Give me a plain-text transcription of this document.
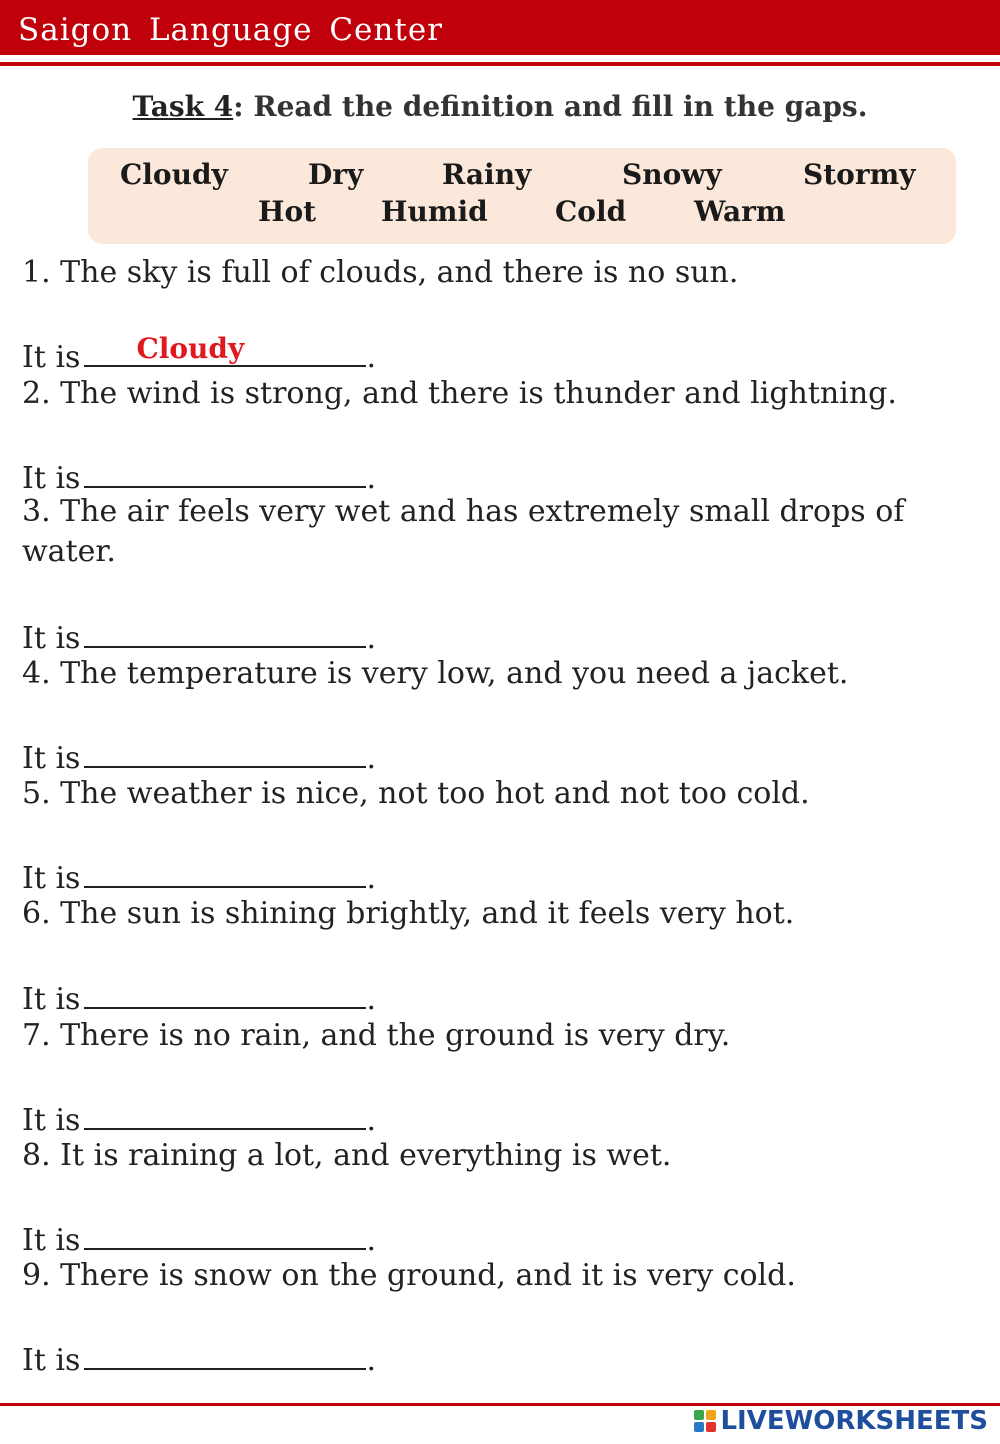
Saigon Language Center
Task 4: Read the definition and fill in the gaps.
Cloudy	Dry	Rainy	Snowy	Stormy
Hot Humid Cold Warm
1. The sky is full of clouds, and there is no sun.
It is Cloudy	.
2. The wind is strong, and there is thunder and lightning.
It is	.
3. The air feels very wet and has extremely small drops of water.
It is	.
4. The temperature is very low, and you need a jacket.
It is	.
5. The weather is nice, not too hot and not too cold.
It is	.
6. The sun is shining brightly, and it feels very hot.
It is	.
7. There is no rain, and the ground is very dry.
It is	.
8. It is raining a lot, and everything is wet.
It is	.
9. There is snow on the ground, and it is very cold.
It is	.
LIVEWORKSHEETS
